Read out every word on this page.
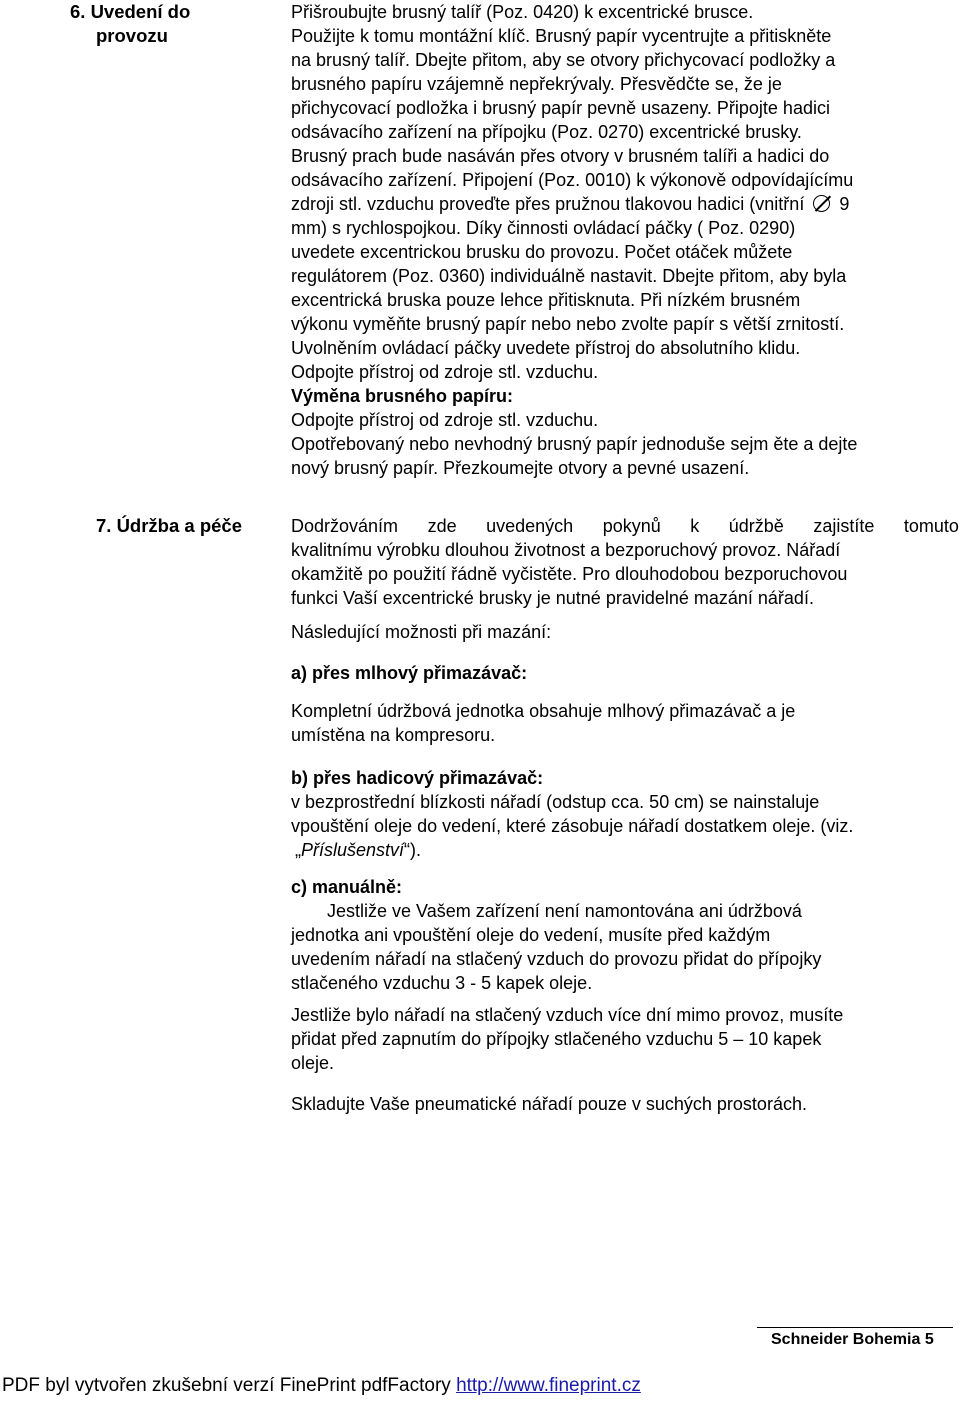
6. Uvedení do
provozu
Přišroubujte brusný talíř (Poz. 0420) k excentrické brusce.
Použijte k tomu montážní klíč. Brusný papír vycentrujte a přitiskněte
na brusný talíř. Dbejte přitom, aby se otvory přichycovací podložky a
brusného papíru vzájemně nepřekrývaly. Přesvědčte se, že je
přichycovací podložka i brusný papír pevně usazeny. Připojte hadici
odsávacího zařízení na přípojku (Poz. 0270) excentrické brusky.
Brusný prach bude nasáván přes otvory v brusném talíři a hadici do
odsávacího zařízení. Připojení (Poz. 0010) k výkonově odpovídajícímu
zdroji stl. vzduchu proveďte přes pružnou tlakovou hadici (vnitřní 9
mm) s rychlospojkou. Díky činnosti ovládací páčky ( Poz. 0290)
uvedete excentrickou brusku do provozu. Počet otáček můžete
regulátorem (Poz. 0360) individuálně nastavit. Dbejte přitom, aby byla
excentrická bruska pouze lehce přitisknuta. Při nízkém brusném
výkonu vyměňte brusný papír nebo nebo zvolte papír s větší zrnitostí.
Uvolněním ovládací páčky uvedete přístroj do absolutního klidu.
Odpojte přístroj od zdroje stl. vzduchu.
Výměna brusného papíru:
Odpojte přístroj od zdroje stl. vzduchu.
Opotřebovaný nebo nevhodný brusný papír jednoduše sejm ěte a dejte
nový brusný papír. Přezkoumejte otvory a pevné usazení.
7. Údržba a péče	Dodržováním zde uvedených pokynů k údržbě zajistíte tomuto
kvalitnímu výrobku dlouhou životnost a bezporuchový provoz. Nářadí
okamžitě po použití řádně vyčistěte. Pro dlouhodobou bezporuchovou
funkci Vaší excentrické brusky je nutné pravidelné mazání nářadí.
Následující možnosti při mazání:
a) přes mlhový přimazávač:
Kompletní údržbová jednotka obsahuje mlhový přimazávač a je
umístěna na kompresoru.
b) přes hadicový přimazávač:
v bezprostřední blízkosti nářadí (odstup cca. 50 cm) se nainstaluje
vpouštění oleje do vedení, které zásobuje nářadí dostatkem oleje. (viz.
„Příslušenství“).
c) manuálně:
Jestliže ve Vašem zařízení není namontována ani údržbová
jednotka ani vpouštění oleje do vedení, musíte před každým
uvedením nářadí na stlačený vzduch do provozu přidat do přípojky
stlačeného vzduchu 3 - 5 kapek oleje.
Jestliže bylo nářadí na stlačený vzduch více dní mimo provoz, musíte
přidat před zapnutím do přípojky stlačeného vzduchu 5 – 10 kapek
oleje.
Skladujte Vaše pneumatické nářadí pouze v suchých prostorách.
Schneider Bohemia 5
PDF byl vytvořen zkušební verzí FinePrint pdfFactory http://www.fineprint.cz
